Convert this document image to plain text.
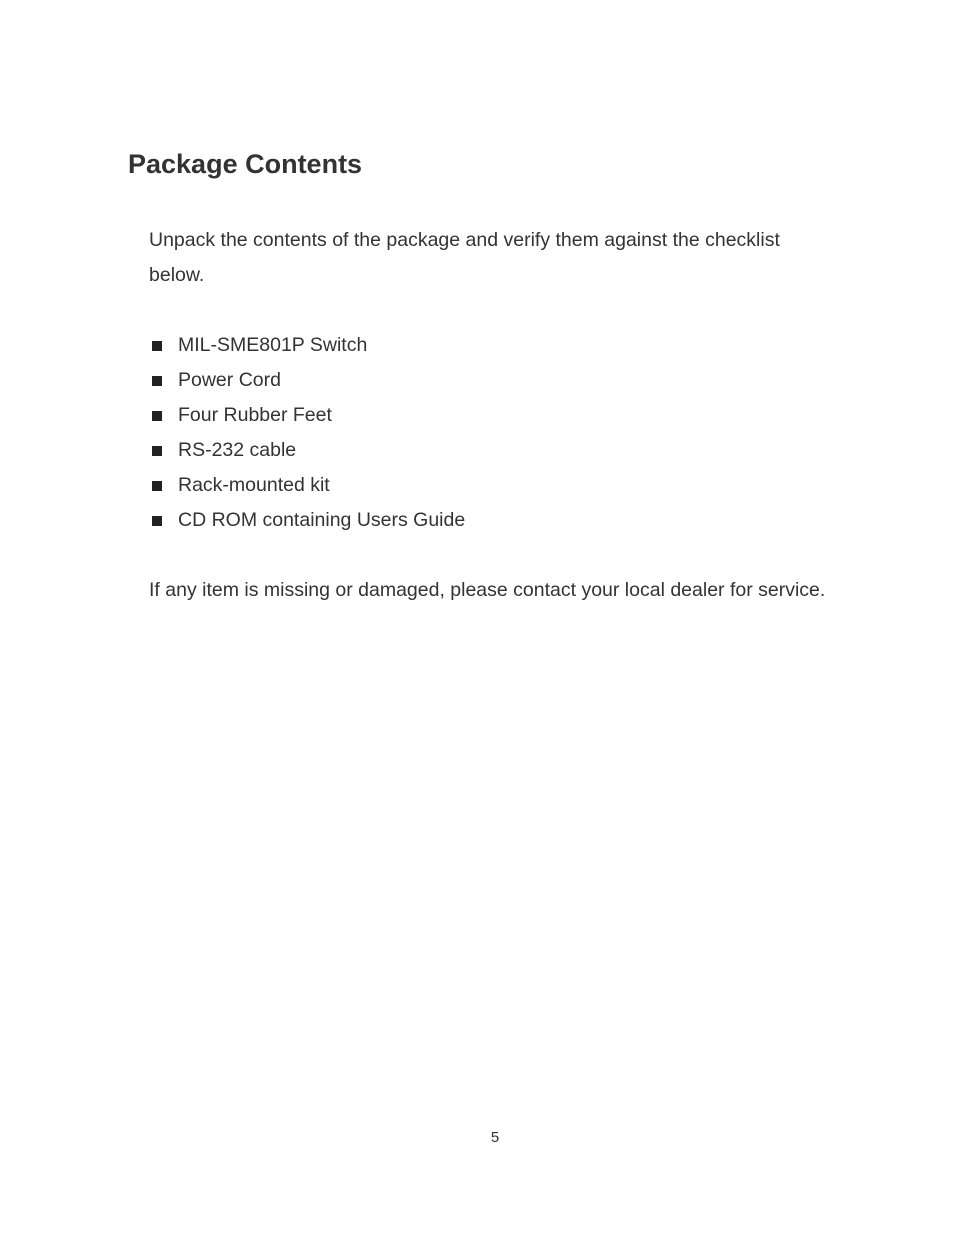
Package Contents

Unpack the contents of the package and verify them against the checklist below.

MIL-SME801P Switch
Power Cord
Four Rubber Feet
RS-232 cable
Rack-mounted kit
CD ROM containing Users Guide

If any item is missing or damaged, please contact your local dealer for service.

5
